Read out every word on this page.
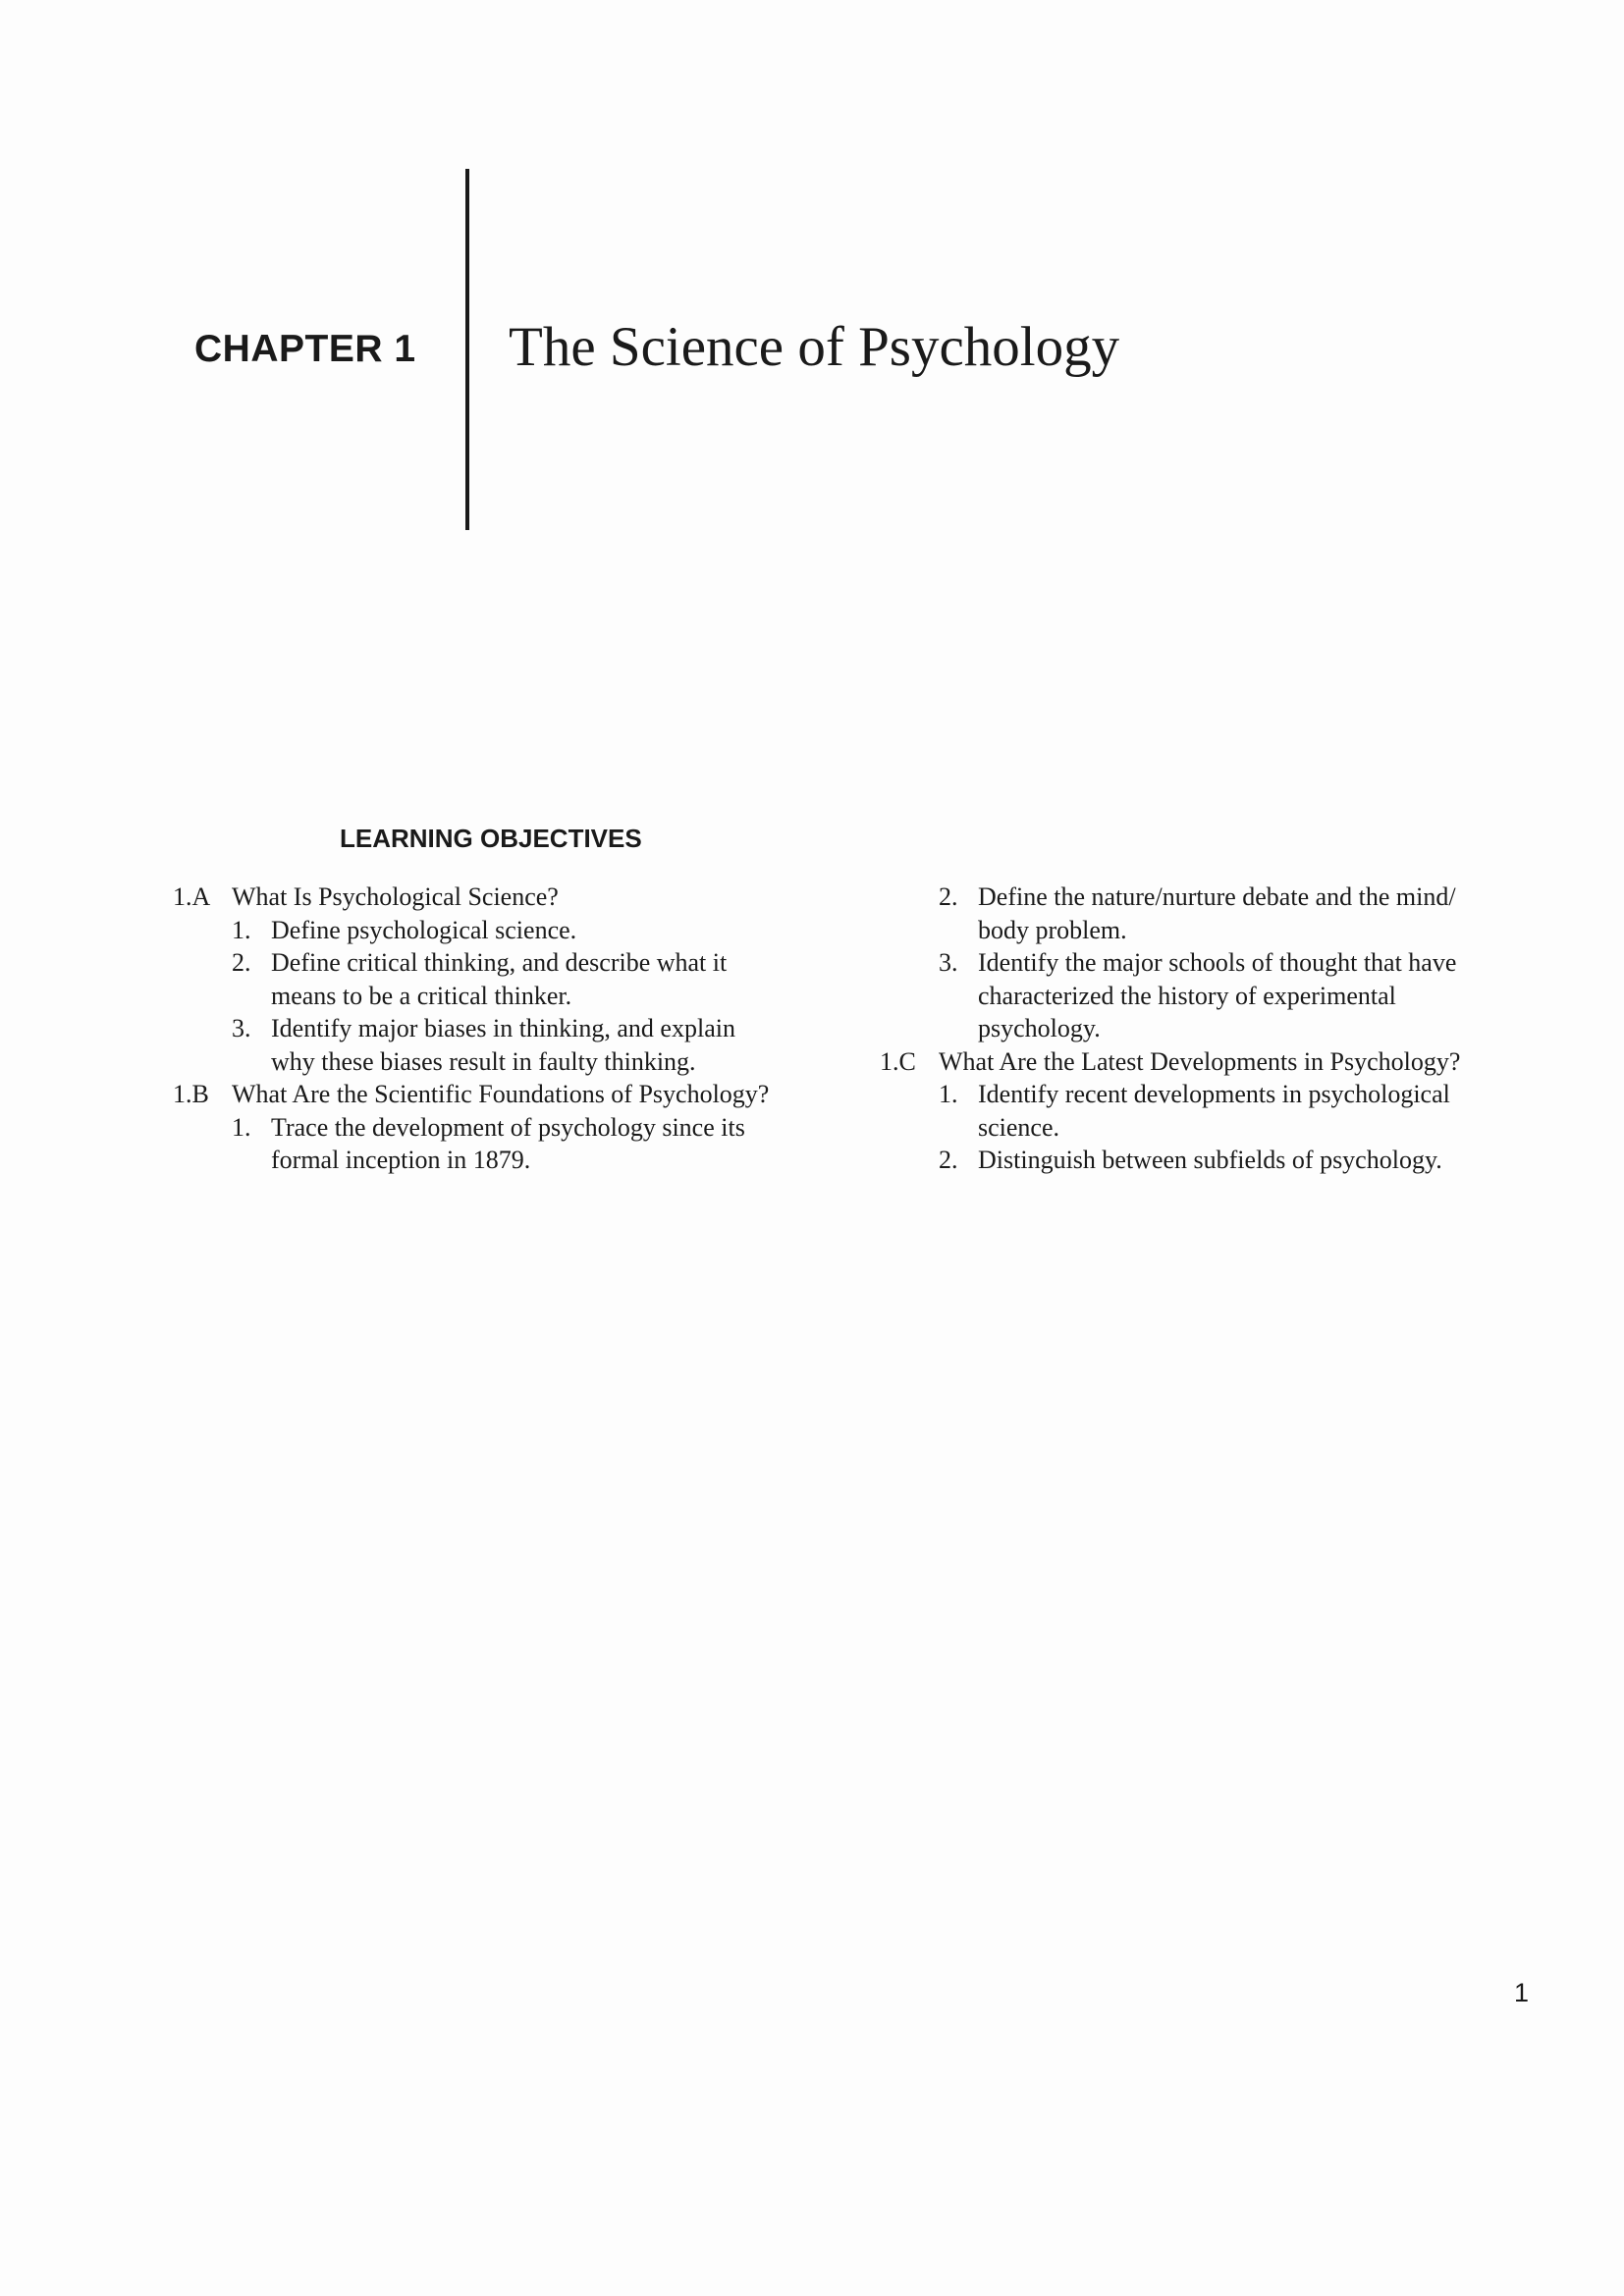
CHAPTER 1 The Science of Psychology
LEARNING OBJECTIVES
1.A What Is Psychological Science?
1. Define psychological science.
2. Define critical thinking, and describe what it
means to be a critical thinker.
3. Identify major biases in thinking, and explain
why these biases result in faulty thinking.
1.B What Are the Scientific Foundations of Psychology?
1. Trace the development of psychology since its
formal inception in 1879.
2. Define the nature/nurture debate and the mind/
body problem.
3. Identify the major schools of thought that have
characterized the history of experimental
psychology.
1.C What Are the Latest Developments in Psychology?
1. Identify recent developments in psychological
science.
2. Distinguish between subfields of psychology.
1
